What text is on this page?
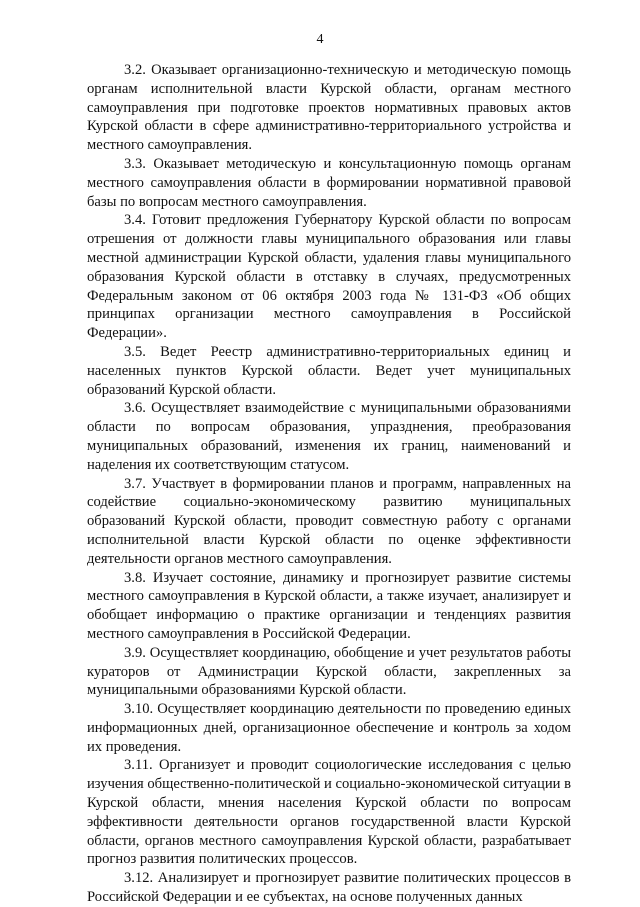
4

3.2. Оказывает организационно-техническую и методическую помощь органам исполнительной власти Курской области, органам местного самоуправления при подготовке проектов нормативных правовых актов Курской области в сфере административно-территориального устройства и местного самоуправления.

3.3. Оказывает методическую и консультационную помощь органам местного самоуправления области в формировании нормативной правовой базы по вопросам местного самоуправления.

3.4. Готовит предложения Губернатору Курской области по вопросам отрешения от должности главы муниципального образования или главы местной администрации Курской области, удаления главы муниципального образования Курской области в отставку в случаях, предусмотренных Федеральным законом от 06 октября 2003 года № 131-ФЗ «Об общих принципах организации местного самоуправления в Российской Федерации».

3.5. Ведет Реестр административно-территориальных единиц и населенных пунктов Курской области. Ведет учет муниципальных образований Курской области.

3.6. Осуществляет взаимодействие с муниципальными образованиями области по вопросам образования, упразднения, преобразования муниципальных образований, изменения их границ, наименований и наделения их соответствующим статусом.

3.7. Участвует в формировании планов и программ, направленных на содействие социально-экономическому развитию муниципальных образований Курской области, проводит совместную работу с органами исполнительной власти Курской области по оценке эффективности деятельности органов местного самоуправления.

3.8. Изучает состояние, динамику и прогнозирует развитие системы местного самоуправления в Курской области, а также изучает, анализирует и обобщает информацию о практике организации и тенденциях развития местного самоуправления в Российской Федерации.

3.9. Осуществляет координацию, обобщение и учет результатов работы кураторов от Администрации Курской области, закрепленных за муниципальными образованиями Курской области.

3.10. Осуществляет координацию деятельности по проведению единых информационных дней, организационное обеспечение и контроль за ходом их проведения.

3.11. Организует и проводит социологические исследования с целью изучения общественно-политической и социально-экономической ситуации в Курской области, мнения населения Курской области по вопросам эффективности деятельности органов государственной власти Курской области, органов местного самоуправления Курской области, разрабатывает прогноз развития политических процессов.

3.12. Анализирует и прогнозирует развитие политических процессов в Российской Федерации и ее субъектах, на основе полученных данных
